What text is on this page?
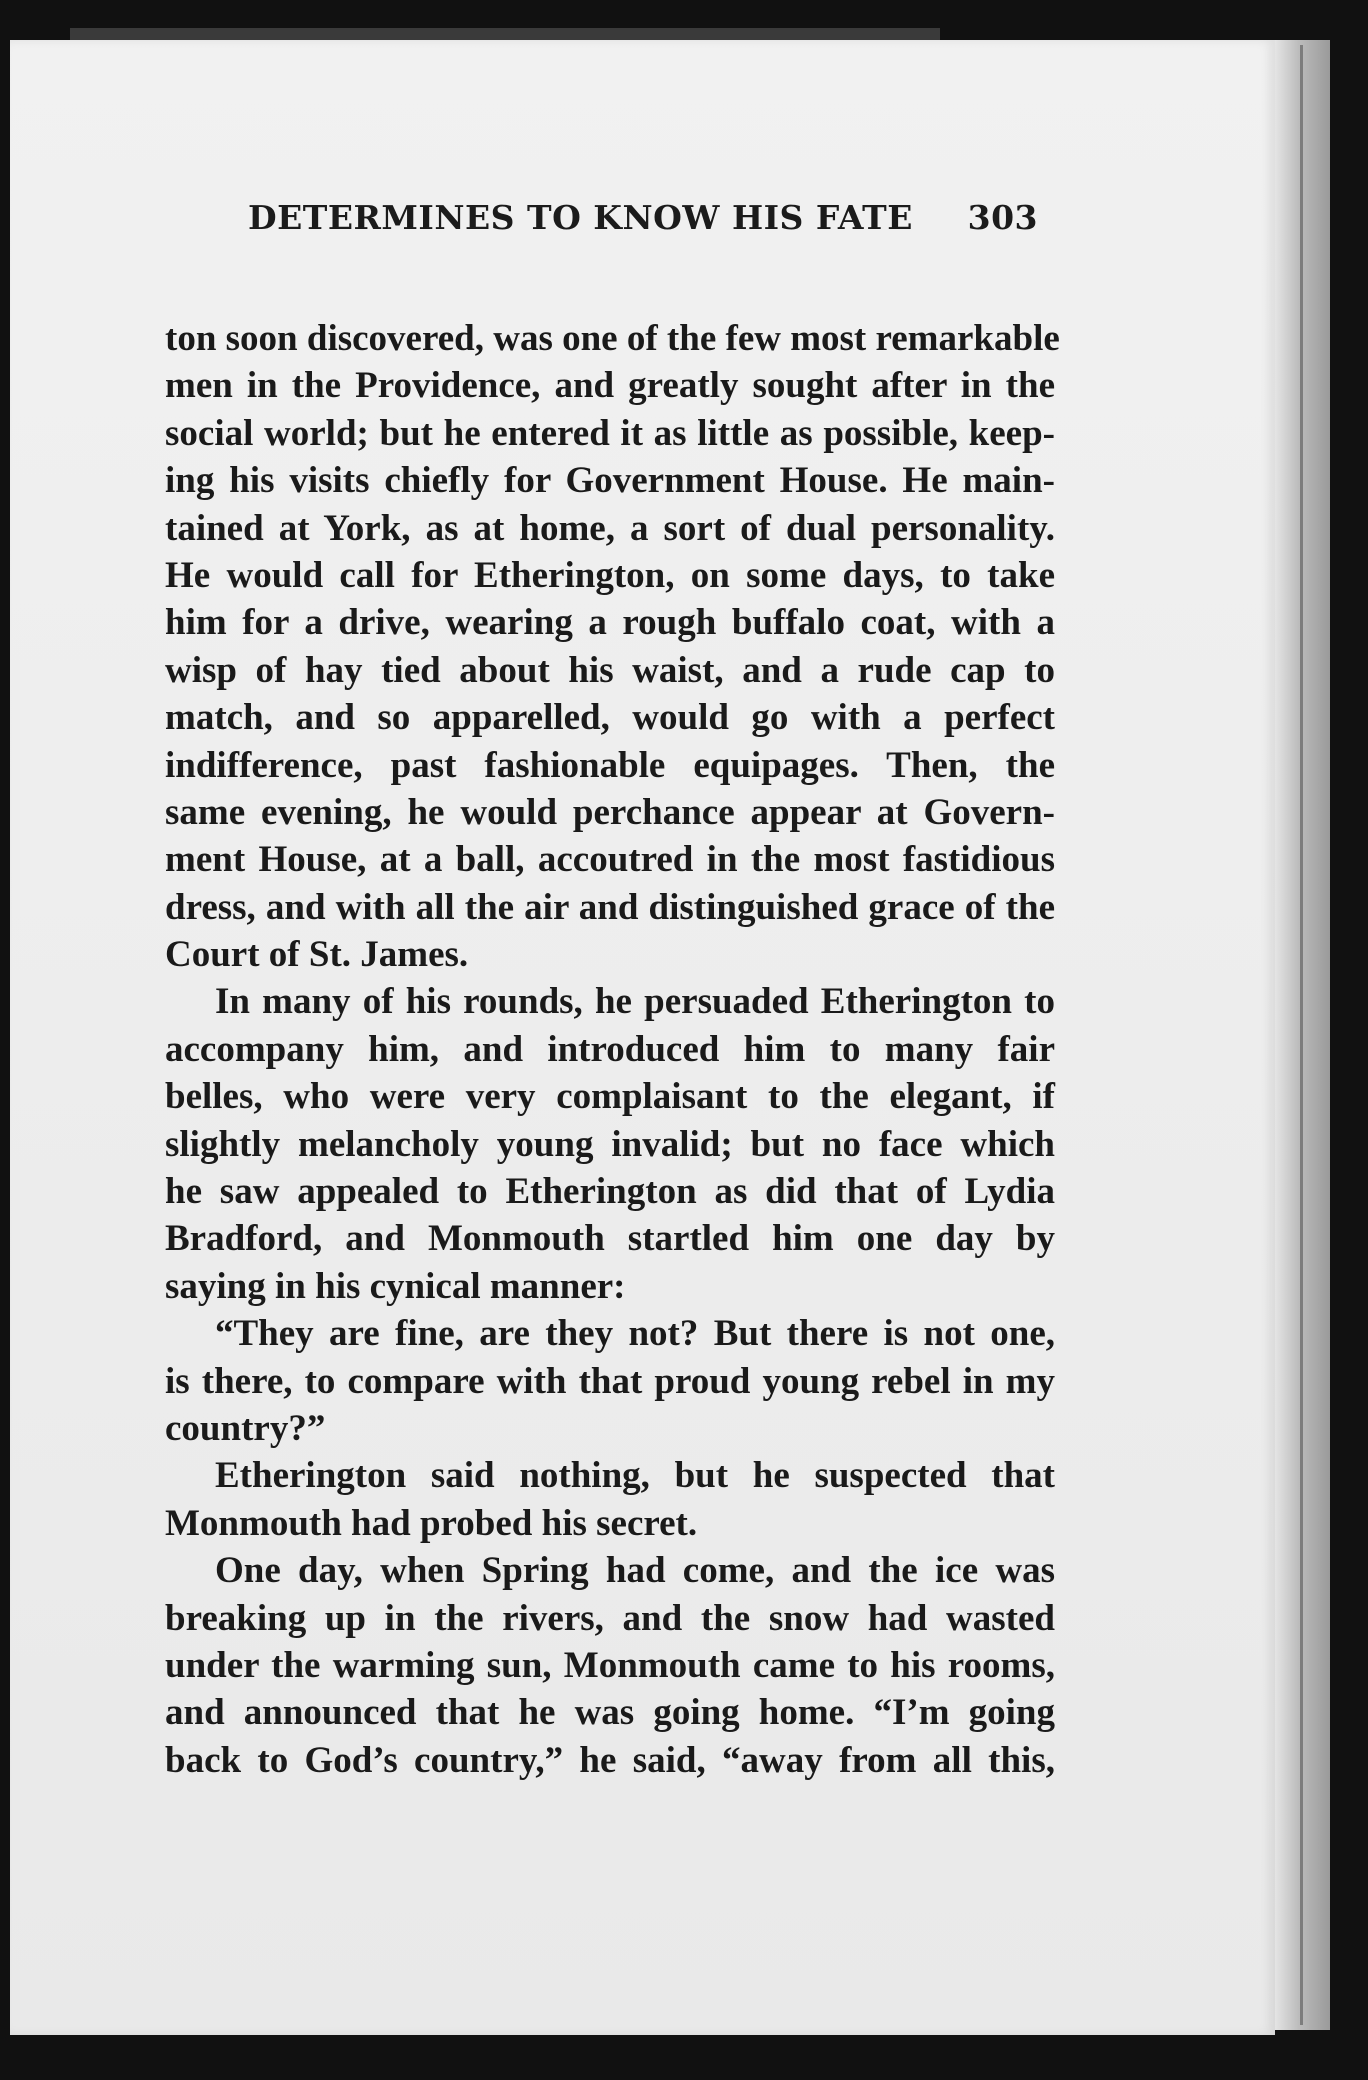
DETERMINES TO KNOW HIS FATE 303
ton soon discovered, was one of the few most remarkable
men in the Providence, and greatly sought after in the
social world; but he entered it as little as possible, keep-
ing his visits chiefly for Government House. He main-
tained at York, as at home, a sort of dual personality.
He would call for Etherington, on some days, to take
him for a drive, wearing a rough buffalo coat, with a
wisp of hay tied about his waist, and a rude cap to
match, and so apparelled, would go with a perfect
indifference, past fashionable equipages. Then, the
same evening, he would perchance appear at Govern-
ment House, at a ball, accoutred in the most fastidious
dress, and with all the air and distinguished grace of the
Court of St. James.
In many of his rounds, he persuaded Etherington to
accompany him, and introduced him to many fair
belles, who were very complaisant to the elegant, if
slightly melancholy young invalid; but no face which
he saw appealed to Etherington as did that of Lydia
Bradford, and Monmouth startled him one day by
saying in his cynical manner:
“They are fine, are they not? But there is not one,
is there, to compare with that proud young rebel in my
country?”
Etherington said nothing, but he suspected that
Monmouth had probed his secret.
One day, when Spring had come, and the ice was
breaking up in the rivers, and the snow had wasted
under the warming sun, Monmouth came to his rooms,
and announced that he was going home. “I’m going
back to God’s country,” he said, “away from all this,
